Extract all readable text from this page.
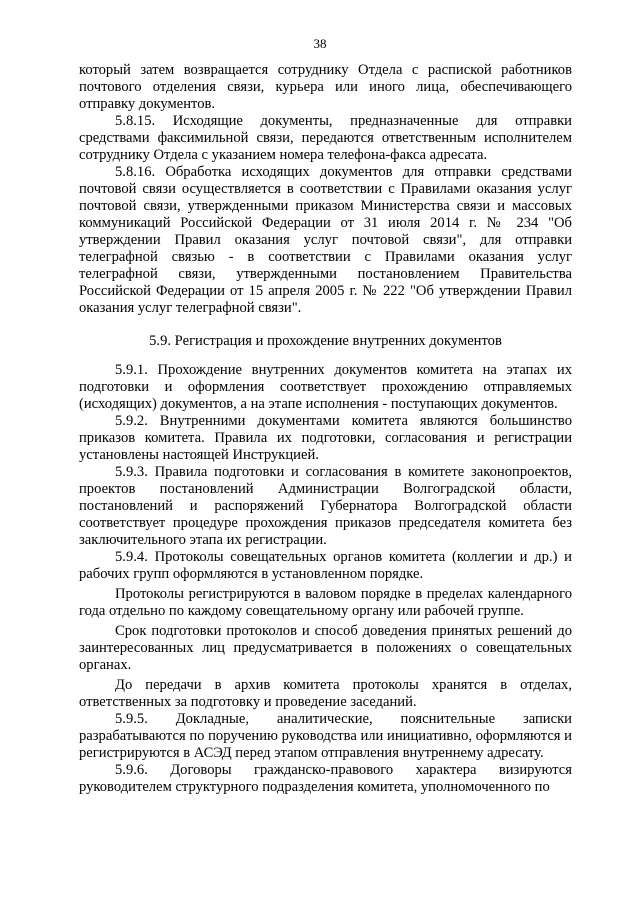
38

который затем возвращается сотруднику Отдела с распиской работников почтового отделения связи, курьера или иного лица, обеспечивающего отправку документов.

5.8.15. Исходящие документы, предназначенные для отправки средствами факсимильной связи, передаются ответственным исполнителем сотруднику Отдела с указанием номера телефона-факса адресата.

5.8.16. Обработка исходящих документов для отправки средствами почтовой связи осуществляется в соответствии с Правилами оказания услуг почтовой связи, утвержденными приказом Министерства связи и массовых коммуникаций Российской Федерации от 31 июля 2014 г. № 234 "Об утверждении Правил оказания услуг почтовой связи", для отправки телеграфной связью - в соответствии с Правилами оказания услуг телеграфной связи, утвержденными постановлением Правительства Российской Федерации от 15 апреля 2005 г. № 222 "Об утверждении Правил оказания услуг телеграфной связи".

5.9. Регистрация и прохождение внутренних документов

5.9.1. Прохождение внутренних документов комитета на этапах их подготовки и оформления соответствует прохождению отправляемых (исходящих) документов, а на этапе исполнения - поступающих документов.

5.9.2. Внутренними документами комитета являются большинство приказов комитета. Правила их подготовки, согласования и регистрации установлены настоящей Инструкцией.

5.9.3. Правила подготовки и согласования в комитете законопроектов, проектов постановлений Администрации Волгоградской области, постановлений и распоряжений Губернатора Волгоградской области соответствует процедуре прохождения приказов председателя комитета без заключительного этапа их регистрации.

5.9.4. Протоколы совещательных органов комитета (коллегии и др.) и рабочих групп оформляются в установленном порядке.

Протоколы регистрируются в валовом порядке в пределах календарного года отдельно по каждому совещательному органу или рабочей группе.

Срок подготовки протоколов и способ доведения принятых решений до заинтересованных лиц предусматривается в положениях о совещательных органах.

До передачи в архив комитета протоколы хранятся в отделах, ответственных за подготовку и проведение заседаний.

5.9.5. Докладные, аналитические, пояснительные записки разрабатываются по поручению руководства или инициативно, оформляются и регистрируются в АСЭД перед этапом отправления внутреннему адресату.

5.9.6. Договоры гражданско-правового характера визируются руководителем структурного подразделения комитета, уполномоченного по
